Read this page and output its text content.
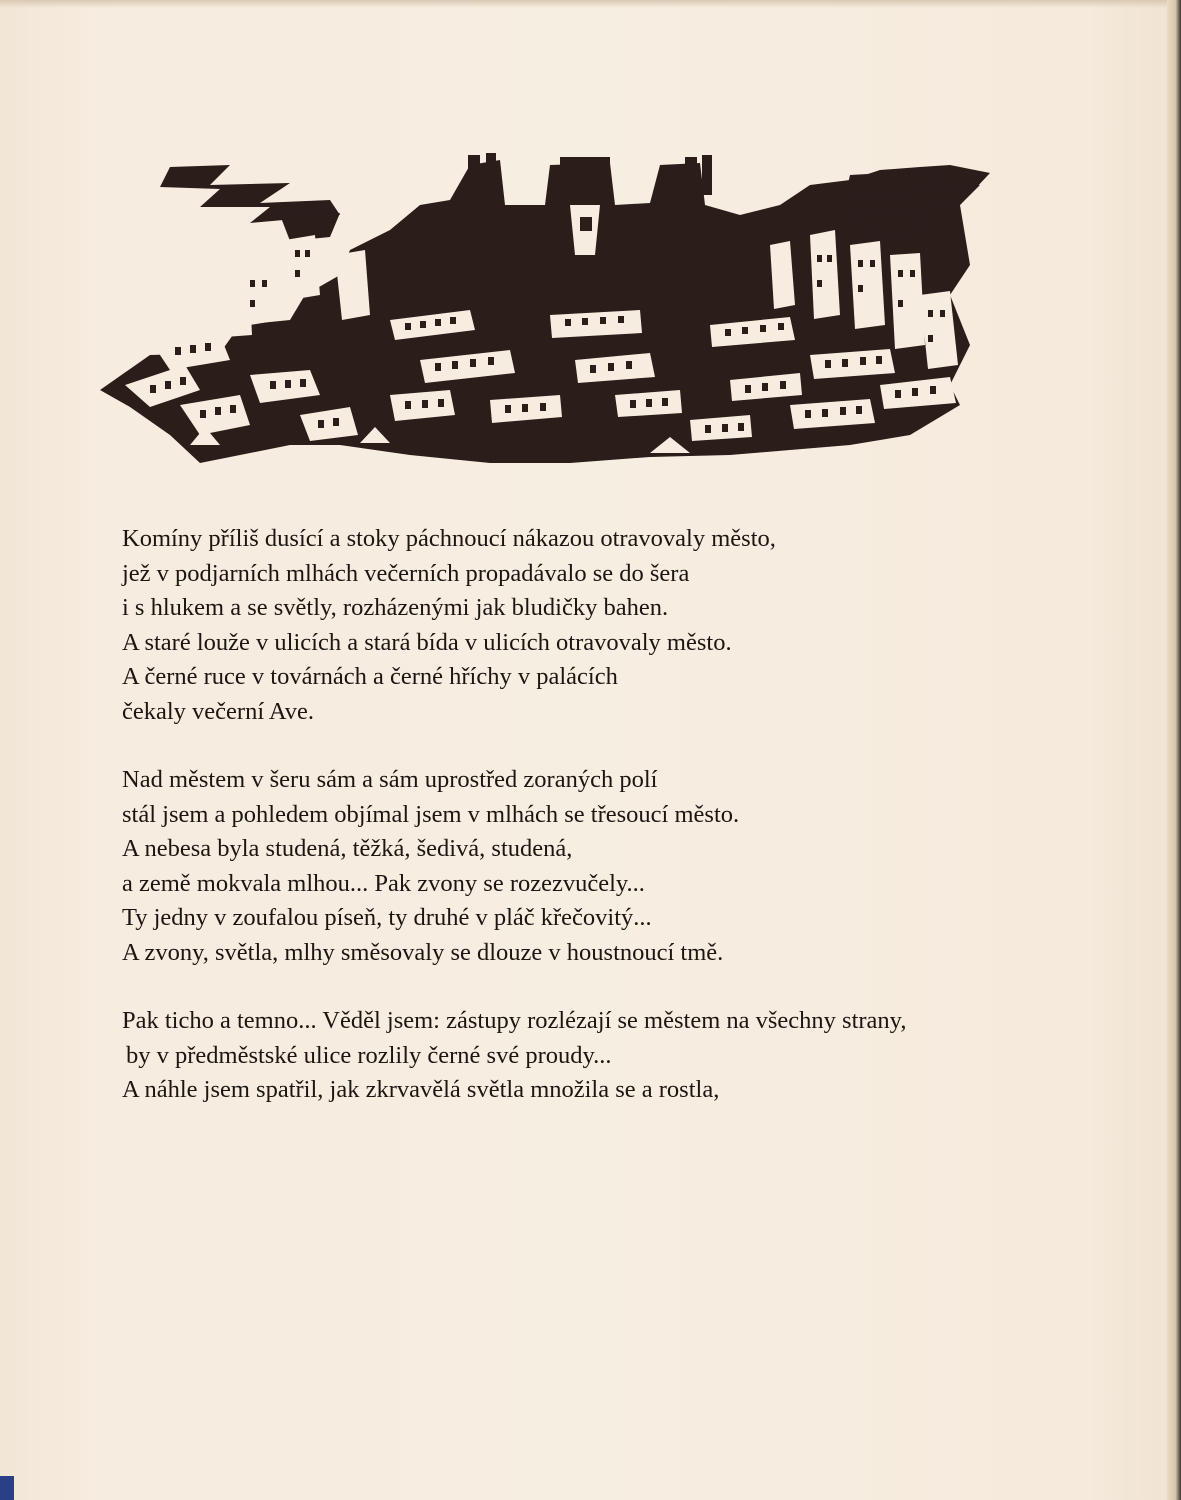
Komíny příliš dusící a stoky páchnoucí nákazou otravovaly město,
jež v podjarních mlhách večerních propadávalo se do šera
i s hlukem a se světly, rozházenými jak bludičky bahen.
A staré louže v ulicích a stará bída v ulicích otravovaly město.
A černé ruce v továrnách a černé hříchy v palácích
čekaly večerní Ave.
Nad městem v šeru sám a sám uprostřed zoraných polí
stál jsem a pohledem objímal jsem v mlhách se třesoucí město.
A nebesa byla studená, těžká, šedivá, studená,
a země mokvala mlhou... Pak zvony se rozezvučely...
Ty jedny v zoufalou píseň, ty druhé v pláč křečovitý...
A zvony, světla, mlhy směsovaly se dlouze v houstnoucí tmě.
Pak ticho a temno... Věděl jsem: zástupy rozlézají se městem na všechny strany,
by v předměstské ulice rozlily černé své proudy...
A náhle jsem spatřil, jak zkrvavělá světla množila se a rostla,
